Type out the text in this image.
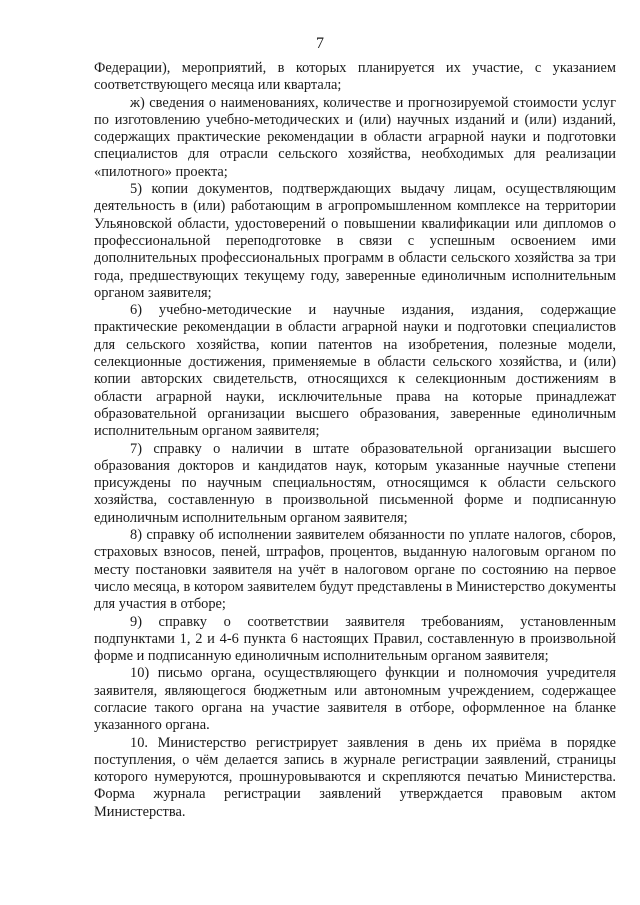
7

Федерации), мероприятий, в которых планируется их участие, с указанием соответствующего месяца или квартала;

ж) сведения о наименованиях, количестве и прогнозируемой стоимости услуг по изготовлению учебно-методических и (или) научных изданий и (или) изданий, содержащих практические рекомендации в области аграрной науки и подготовки специалистов для отрасли сельского хозяйства, необходимых для реализации «пилотного» проекта;

5) копии документов, подтверждающих выдачу лицам, осуществляющим деятельность в (или) работающим в агропромышленном комплексе на территории Ульяновской области, удостоверений о повышении квалификации или дипломов о профессиональной переподготовке в связи с успешным освоением ими дополнительных профессиональных программ в области сельского хозяйства за три года, предшествующих текущему году, заверенные единоличным исполнительным органом заявителя;

6) учебно-методические и научные издания, издания, содержащие практические рекомендации в области аграрной науки и подготовки специалистов для сельского хозяйства, копии патентов на изобретения, полезные модели, селекционные достижения, применяемые в области сельского хозяйства, и (или) копии авторских свидетельств, относящихся к селекционным достижениям в области аграрной науки, исключительные права на которые принадлежат образовательной организации высшего образования, заверенные единоличным исполнительным органом заявителя;

7) справку о наличии в штате образовательной организации высшего образования докторов и кандидатов наук, которым указанные научные степени присуждены по научным специальностям, относящимся к области сельского хозяйства, составленную в произвольной письменной форме и подписанную единоличным исполнительным органом заявителя;

8) справку об исполнении заявителем обязанности по уплате налогов, сборов, страховых взносов, пеней, штрафов, процентов, выданную налоговым органом по месту постановки заявителя на учёт в налоговом органе по состоянию на первое число месяца, в котором заявителем будут представлены в Министерство документы для участия в отборе;

9) справку о соответствии заявителя требованиям, установленным подпунктами 1, 2 и 4-6 пункта 6 настоящих Правил, составленную в произвольной форме и подписанную единоличным исполнительным органом заявителя;

10) письмо органа, осуществляющего функции и полномочия учредителя заявителя, являющегося бюджетным или автономным учреждением, содержащее согласие такого органа на участие заявителя в отборе, оформленное на бланке указанного органа.

10. Министерство регистрирует заявления в день их приёма в порядке поступления, о чём делается запись в журнале регистрации заявлений, страницы которого нумеруются, прошнуровываются и скрепляются печатью Министерства. Форма журнала регистрации заявлений утверждается правовым актом Министерства.
